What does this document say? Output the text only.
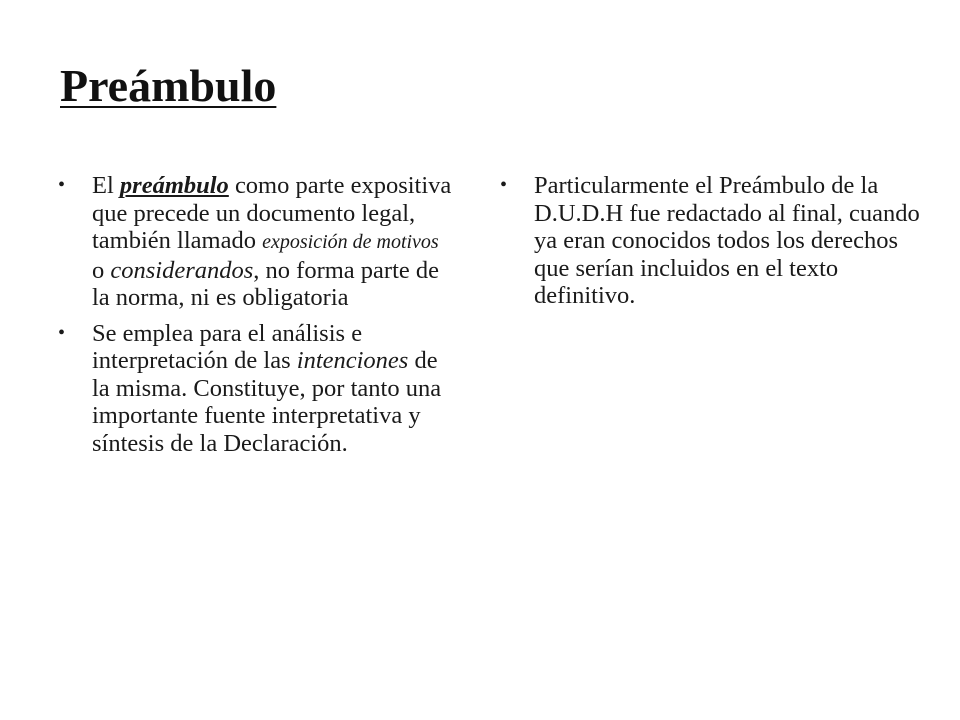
Preámbulo
• El preámbulo como parte expositiva que precede un documento legal, también llamado exposición de motivos o considerandos, no forma parte de la norma, ni es obligatoria
• Se emplea para el análisis e interpretación de las intenciones de la misma. Constituye, por tanto una importante fuente interpretativa y síntesis de la Declaración.
• Particularmente el Preámbulo de la D.U.D.H fue redactado al final, cuando ya eran conocidos todos los derechos que serían incluidos en el texto definitivo.
